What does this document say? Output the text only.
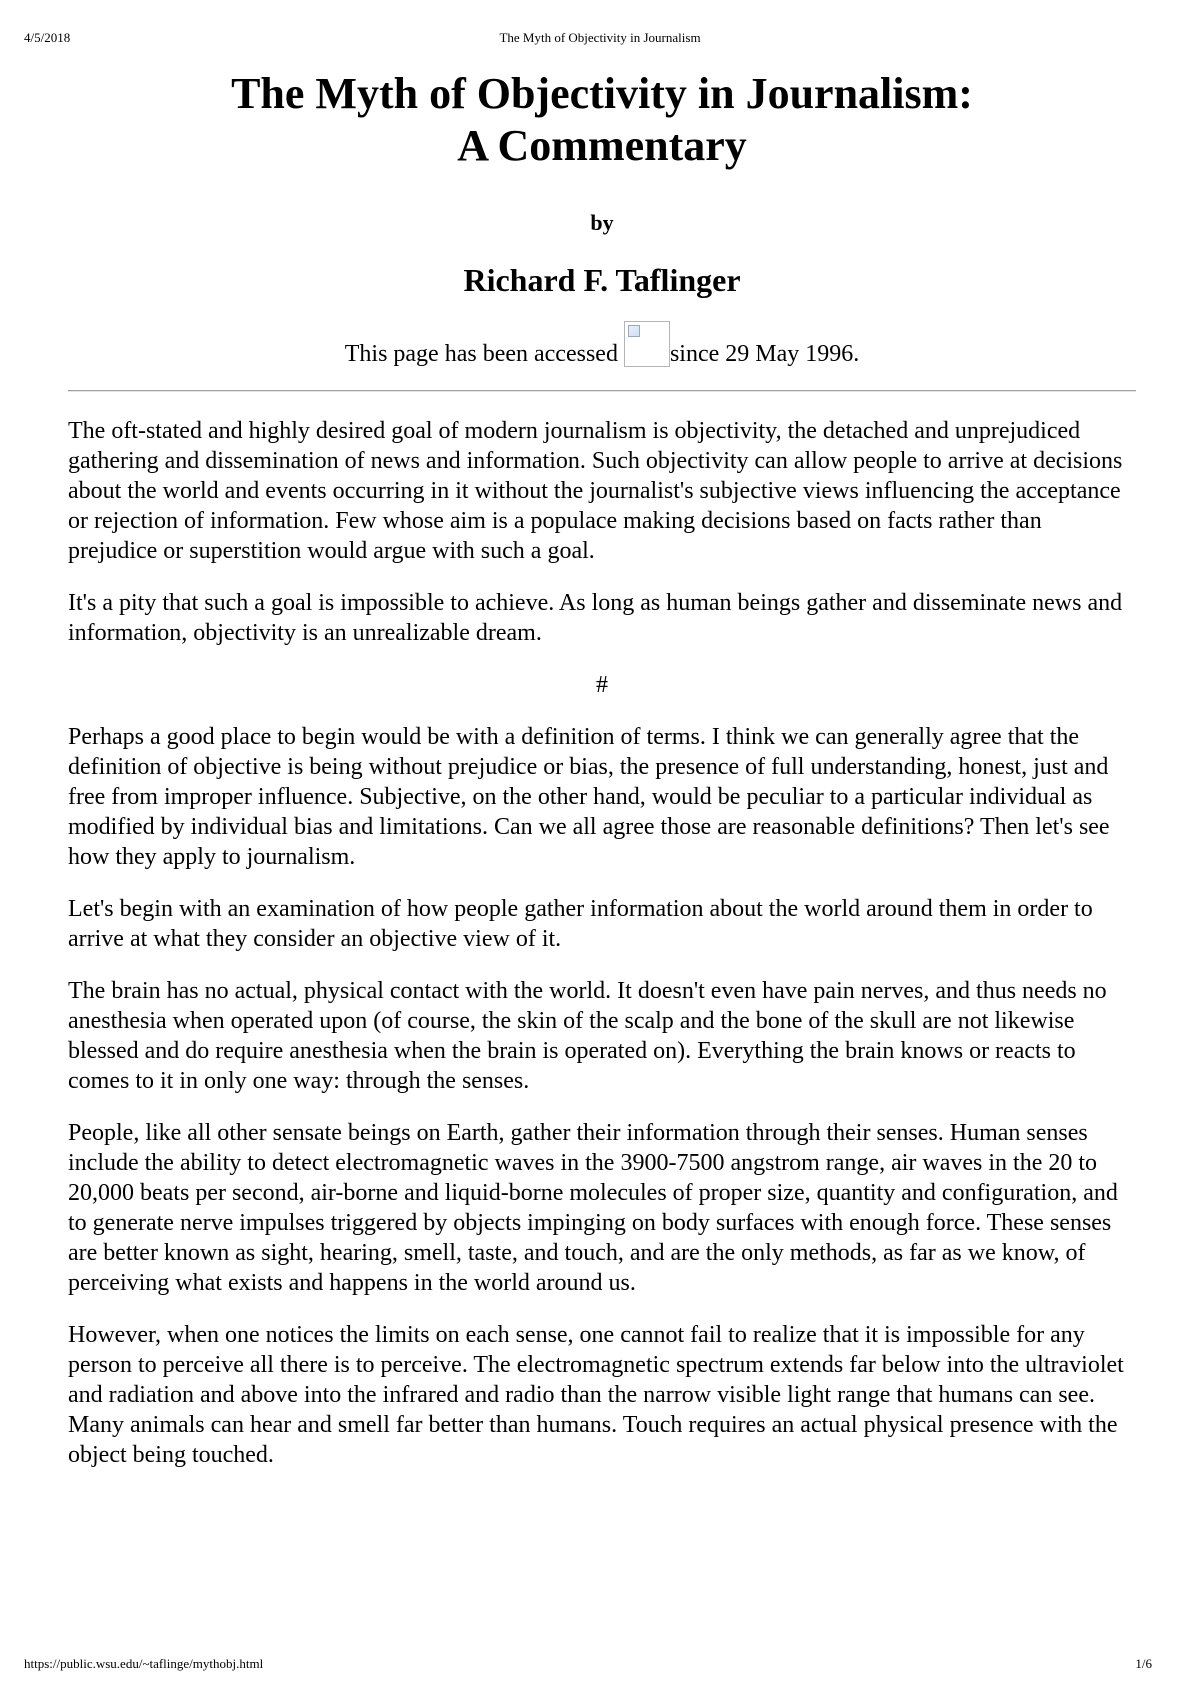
4/5/2018	The Myth of Objectivity in Journalism
The Myth of Objectivity in Journalism:
A Commentary
by
Richard F. Taflinger
This page has been accessed
since 29 May 1996.

The oft-stated and highly desired goal of modern journalism is objectivity, the detached and unprejudiced gathering and dissemination of news and information. Such objectivity can allow people to arrive at decisions about the world and events occurring in it without the journalist's subjective views influencing the acceptance or rejection of information. Few whose aim is a populace making decisions based on facts rather than prejudice or superstition would argue with such a goal.

It's a pity that such a goal is impossible to achieve. As long as human beings gather and disseminate news and information, objectivity is an unrealizable dream.

#

Perhaps a good place to begin would be with a definition of terms. I think we can generally agree that the definition of objective is being without prejudice or bias, the presence of full understanding, honest, just and free from improper influence. Subjective, on the other hand, would be peculiar to a particular individual as modified by individual bias and limitations. Can we all agree those are reasonable definitions? Then let's see how they apply to journalism.

Let's begin with an examination of how people gather information about the world around them in order to arrive at what they consider an objective view of it.

The brain has no actual, physical contact with the world. It doesn't even have pain nerves, and thus needs no anesthesia when operated upon (of course, the skin of the scalp and the bone of the skull are not likewise blessed and do require anesthesia when the brain is operated on). Everything the brain knows or reacts to comes to it in only one way: through the senses.

People, like all other sensate beings on Earth, gather their information through their senses. Human senses include the ability to detect electromagnetic waves in the 3900-7500 angstrom range, air waves in the 20 to 20,000 beats per second, air-borne and liquid-borne molecules of proper size, quantity and configuration, and to generate nerve impulses triggered by objects impinging on body surfaces with enough force. These senses are better known as sight, hearing, smell, taste, and touch, and are the only methods, as far as we know, of perceiving what exists and happens in the world around us.

However, when one notices the limits on each sense, one cannot fail to realize that it is impossible for any person to perceive all there is to perceive. The electromagnetic spectrum extends far below into the ultraviolet and radiation and above into the infrared and radio than the narrow visible light range that humans can see. Many animals can hear and smell far better than humans. Touch requires an actual physical presence with the object being touched.

https://public.wsu.edu/~taflinge/mythobj.html	1/6
